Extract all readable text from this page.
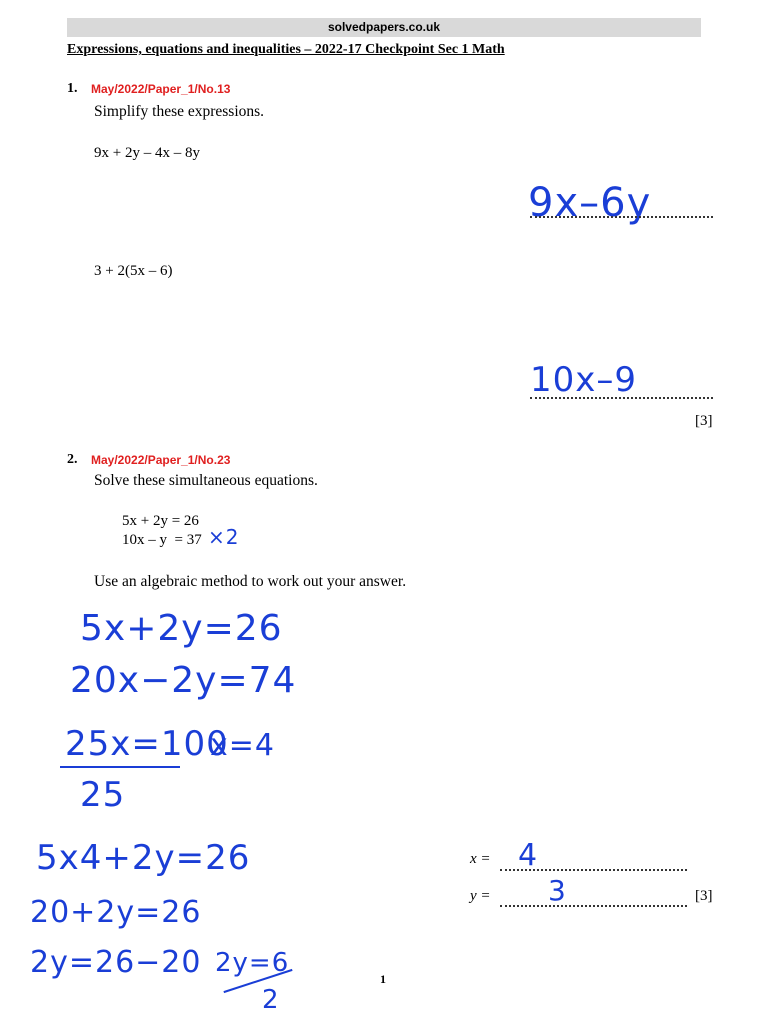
solvedpapers.co.uk
Expressions, equations and inequalities – 2022-17 Checkpoint Sec 1 Math
1. May/2022/Paper_1/No.13
Simplify these expressions.
9x + 2y – 4x – 8y
9x–6y
3 + 2(5x – 6)
10x–9
[3]
2. May/2022/Paper_1/No.23
Solve these simultaneous equations.
5x + 2y = 26
10x – y  = 37 ×2
Use an algebraic method to work out your answer.
5x+2y=26
20x−2y=74
25x=100
x=4
25
5x4+2y=26
20+2y=26
2y=26−20 2y=6
2
x = 4
y = 3	[3]
1
